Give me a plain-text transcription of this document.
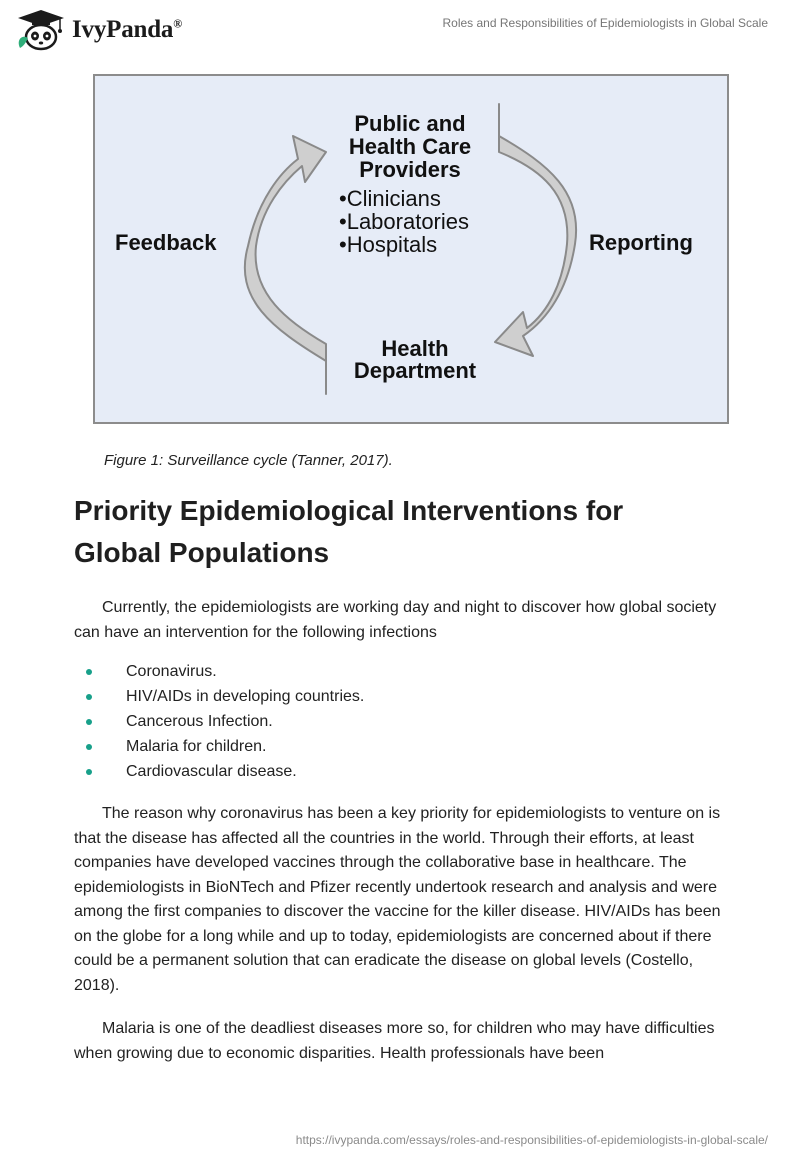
IvyPanda®	Roles and Responsibilities of Epidemiologists in Global Scale
Public and
Health Care
Providers
•Clinicians
•Laboratories
•Hospitals
Feedback	Reporting
Health
Department
Figure 1: Surveillance cycle (Tanner, 2017).
Priority Epidemiological Interventions for Global Populations

Currently, the epidemiologists are working day and night to discover how global society can have an intervention for the following infections

Coronavirus.
HIV/AIDs in developing countries.
Cancerous Infection.
Malaria for children.
Cardiovascular disease.

The reason why coronavirus has been a key priority for epidemiologists to venture on is that the disease has affected all the countries in the world. Through their efforts, at least companies have developed vaccines through the collaborative base in healthcare. The epidemiologists in BioNTech and Pfizer recently undertook research and analysis and were among the first companies to discover the vaccine for the killer disease. HIV/AIDs has been on the globe for a long while and up to today, epidemiologists are concerned about if there could be a permanent solution that can eradicate the disease on global levels (Costello, 2018).

Malaria is one of the deadliest diseases more so, for children who may have difficulties when growing due to economic disparities. Health professionals have been

https://ivypanda.com/essays/roles-and-responsibilities-of-epidemiologists-in-global-scale/
